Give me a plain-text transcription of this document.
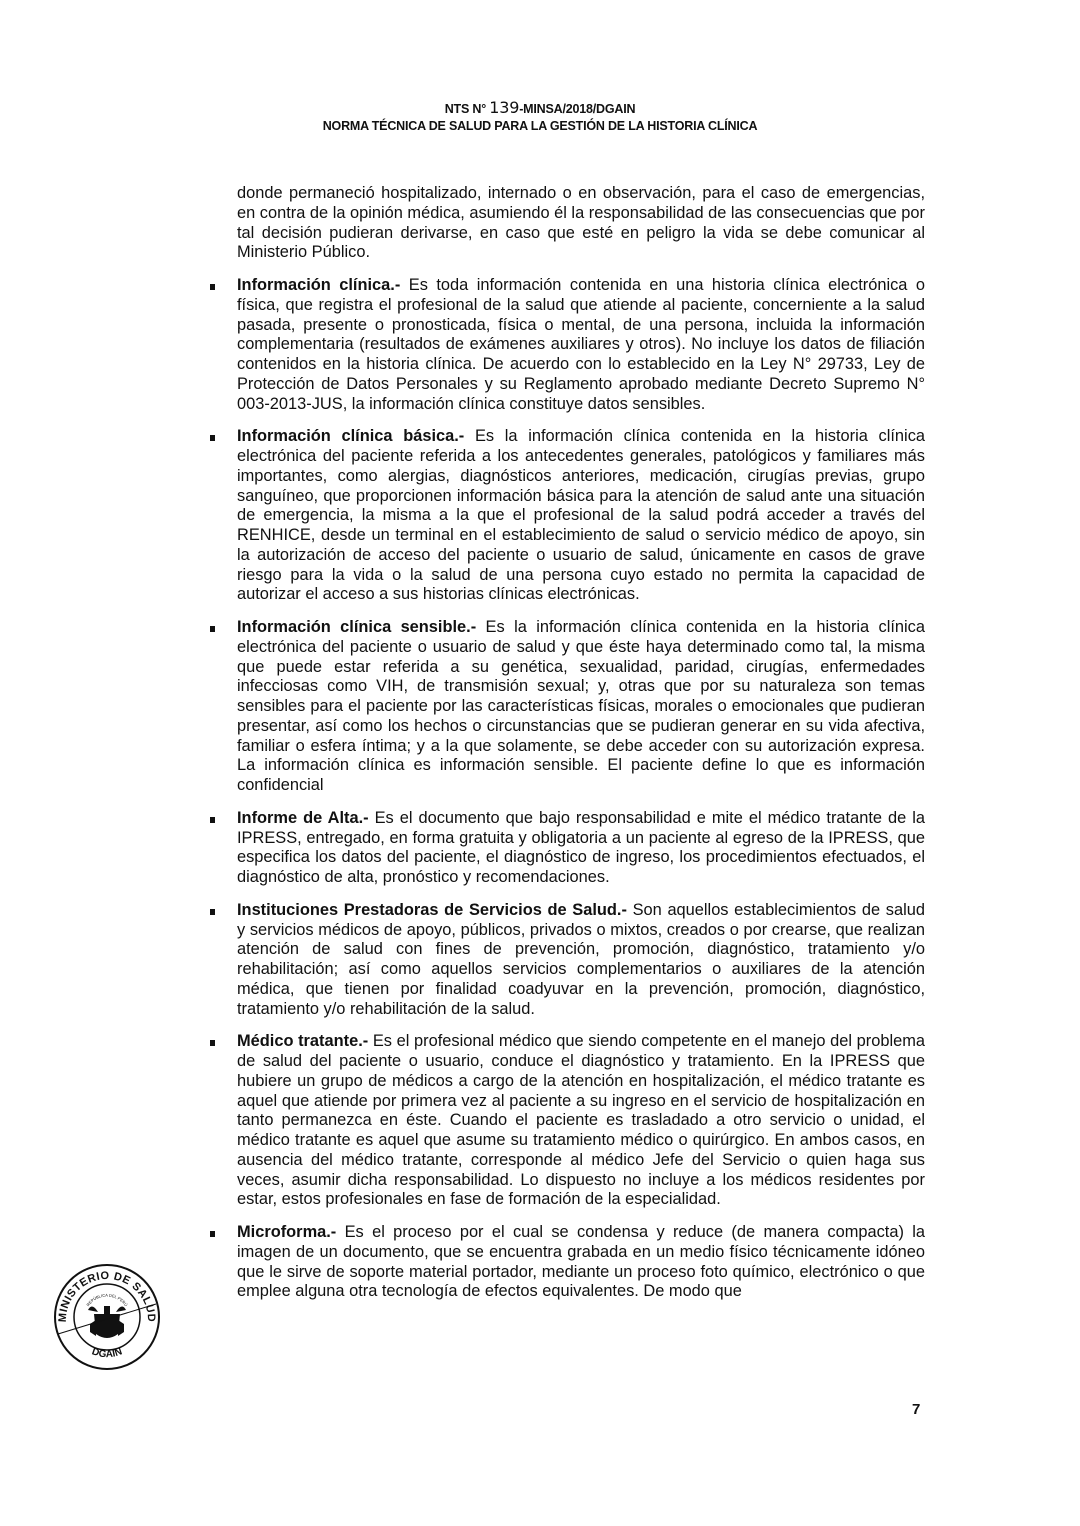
NTS N° 139-MINSA/2018/DGAIN
NORMA TÉCNICA DE SALUD PARA LA GESTIÓN DE LA HISTORIA CLÍNICA

donde permaneció hospitalizado, internado o en observación, para el caso de emergencias, en contra de la opinión médica, asumiendo él la responsabilidad de las consecuencias que por tal decisión pudieran derivarse, en caso que esté en peligro la vida se debe comunicar al Ministerio Público.

Información clínica.- Es toda información contenida en una historia clínica electrónica o física, que registra el profesional de la salud que atiende al paciente, concerniente a la salud pasada, presente o pronosticada, física o mental, de una persona, incluida la información complementaria (resultados de exámenes auxiliares y otros). No incluye los datos de filiación contenidos en la historia clínica. De acuerdo con lo establecido en la Ley N° 29733, Ley de Protección de Datos Personales y su Reglamento aprobado mediante Decreto Supremo N° 003-2013-JUS, la información clínica constituye datos sensibles.
Información clínica básica.- Es la información clínica contenida en la historia clínica electrónica del paciente referida a los antecedentes generales, patológicos y familiares más importantes, como alergias, diagnósticos anteriores, medicación, cirugías previas, grupo sanguíneo, que proporcionen información básica para la atención de salud ante una situación de emergencia, la misma a la que el profesional de la salud podrá acceder a través del RENHICE, desde un terminal en el establecimiento de salud o servicio médico de apoyo, sin la autorización de acceso del paciente o usuario de salud, únicamente en casos de grave riesgo para la vida o la salud de una persona cuyo estado no permita la capacidad de autorizar el acceso a sus historias clínicas electrónicas.
Información clínica sensible.- Es la información clínica contenida en la historia clínica electrónica del paciente o usuario de salud y que éste haya determinado como tal, la misma que puede estar referida a su genética, sexualidad, paridad, cirugías, enfermedades infecciosas como VIH, de transmisión sexual; y, otras que por su naturaleza son temas sensibles para el paciente por las características físicas, morales o emocionales que pudieran presentar, así como los hechos o circunstancias que se pudieran generar en su vida afectiva, familiar o esfera íntima; y a la que solamente, se debe acceder con su autorización expresa. La información clínica es información sensible. El paciente define lo que es información confidencial
Informe de Alta.- Es el documento que bajo responsabilidad e mite el médico tratante de la IPRESS, entregado, en forma gratuita y obligatoria a un paciente al egreso de la IPRESS, que especifica los datos del paciente, el diagnóstico de ingreso, los procedimientos efectuados, el diagnóstico de alta, pronóstico y recomendaciones.
Instituciones Prestadoras de Servicios de Salud.- Son aquellos establecimientos de salud y servicios médicos de apoyo, públicos, privados o mixtos, creados o por crearse, que realizan atención de salud con fines de prevención, promoción, diagnóstico, tratamiento y/o rehabilitación; así como aquellos servicios complementarios o auxiliares de la atención médica, que tienen por finalidad coadyuvar en la prevención, promoción, diagnóstico, tratamiento y/o rehabilitación de la salud.
Médico tratante.- Es el profesional médico que siendo competente en el manejo del problema de salud del paciente o usuario, conduce el diagnóstico y tratamiento. En la IPRESS que hubiere un grupo de médicos a cargo de la atención en hospitalización, el médico tratante es aquel que atiende por primera vez al paciente a su ingreso en el servicio de hospitalización en tanto permanezca en éste. Cuando el paciente es trasladado a otro servicio o unidad, el médico tratante es aquel que asume su tratamiento médico o quirúrgico. En ambos casos, en ausencia del médico tratante, corresponde al médico Jefe del Servicio o quien haga sus veces, asumir dicha responsabilidad. Lo dispuesto no incluye a los médicos residentes por estar, estos profesionales en fase de formación de la especialidad.
Microforma.- Es el proceso por el cual se condensa y reduce (de manera compacta) la imagen de un documento, que se encuentra grabada en un medio físico técnicamente idóneo que le sirve de soporte material portador, mediante un proceso foto químico, electrónico o que emplee alguna otra tecnología de efectos equivalentes. De modo que
MINISTERIO DE SALUD
DGAIN
REPÚBLICA DEL PERÚ
7
